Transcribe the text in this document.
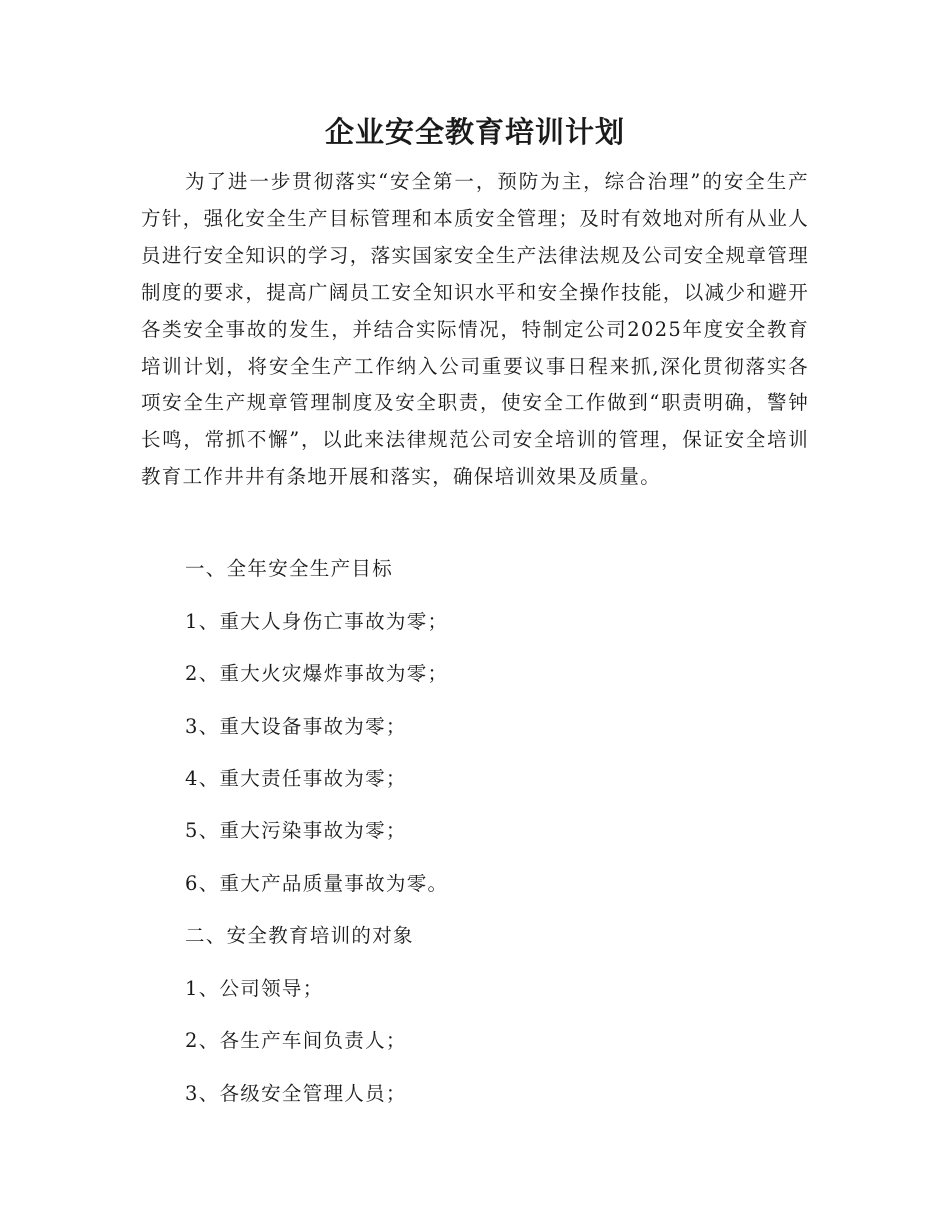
企业安全教育培训计划

为了进一步贯彻落实“安全第一，预防为主，综合治理”的安全生产方针，强化安全生产目标管理和本质安全管理；及时有效地对所有从业人员进行安全知识的学习，落实国家安全生产法律法规及公司安全规章管理制度的要求，提高广阔员工安全知识水平和安全操作技能，以减少和避开各类安全事故的发生，并结合实际情况，特制定公司2025年度安全教育培训计划，将安全生产工作纳入公司重要议事日程来抓,深化贯彻落实各项安全生产规章管理制度及安全职责，使安全工作做到“职责明确，警钟长鸣，常抓不懈”，以此来法律规范公司安全培训的管理，保证安全培训教育工作井井有条地开展和落实，确保培训效果及质量。

一、全年安全生产目标

1、重大人身伤亡事故为零；

2、重大火灾爆炸事故为零；

3、重大设备事故为零；

4、重大责任事故为零；

5、重大污染事故为零；

6、重大产品质量事故为零。

二、安全教育培训的对象

1、公司领导；

2、各生产车间负责人；

3、各级安全管理人员；
